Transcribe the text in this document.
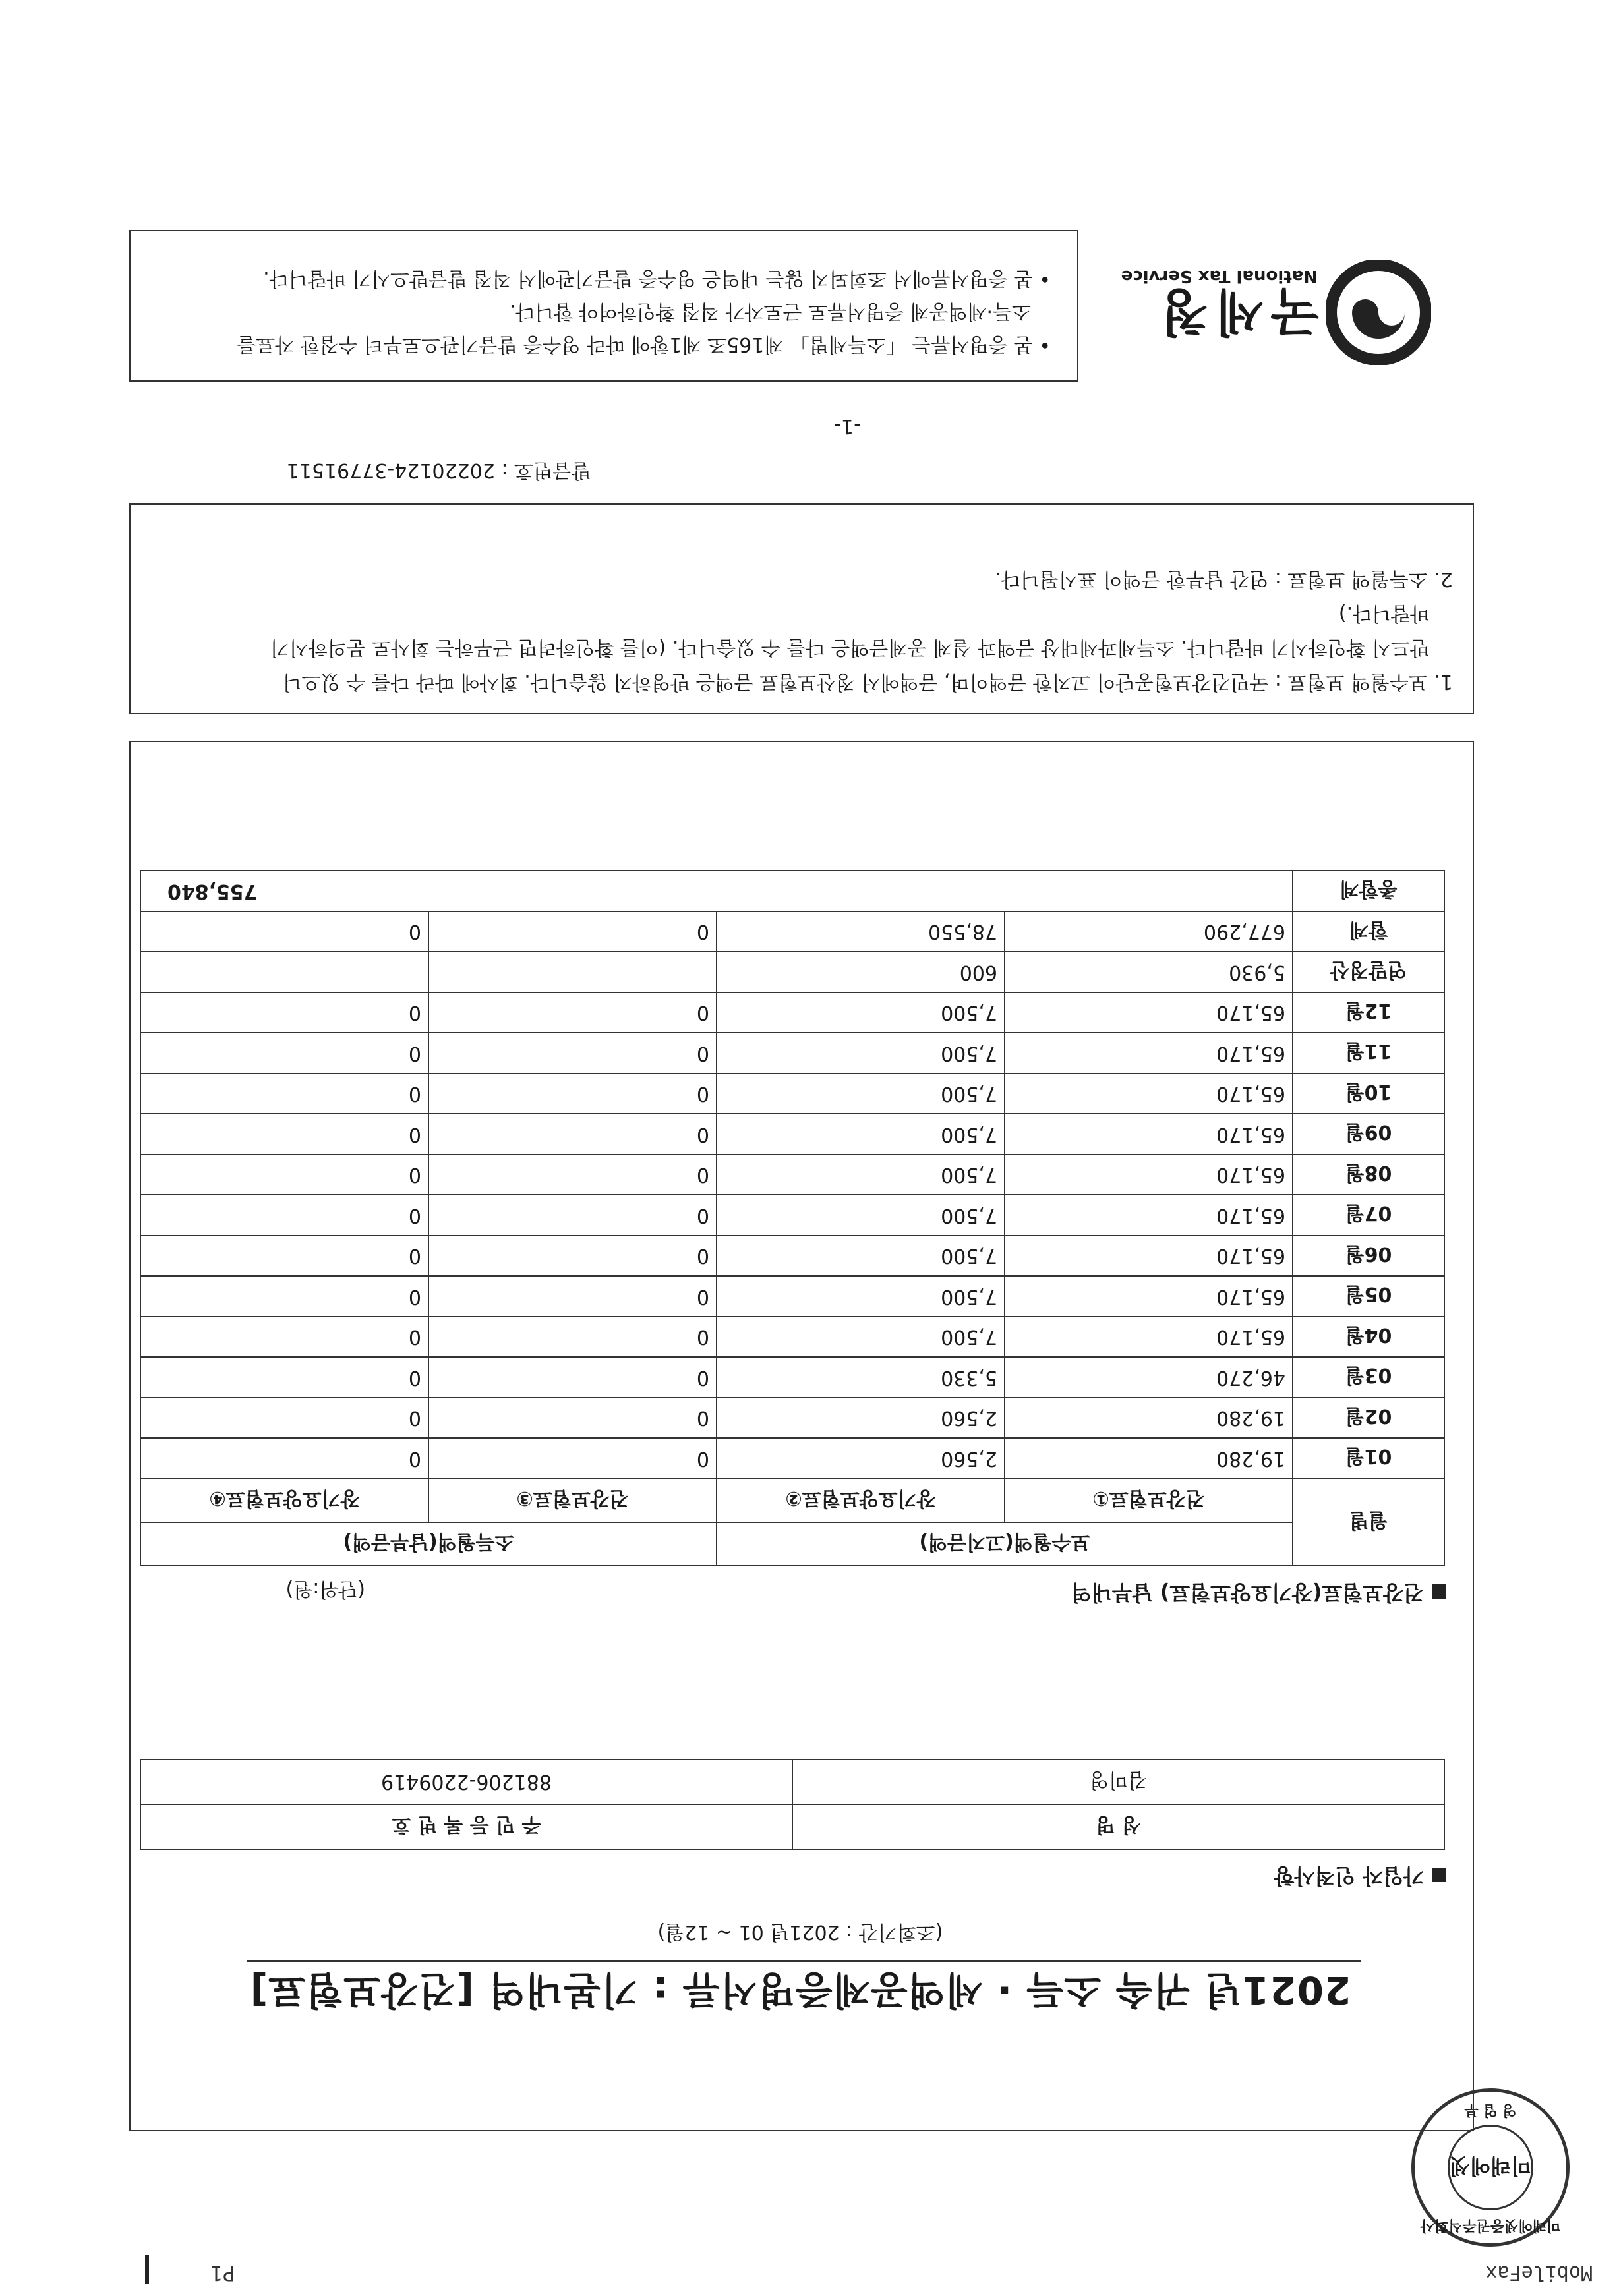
MobileFax
P1
미래에셋증권주식회사
미래에셋
영 업 부
2021년 귀속 소득 · 세액공제증명서류 : 기본내역 [건강보험료]
(조회기간 : 2021년 01 ~ 12월)
가입자 인적사항
성 명	주 민 등 록 번 호
김미영	881206-2209419
건강보험료(장기요양보험료) 납부내역
(단위:원)
월별	보수월액(고지금액)		소득월액(납부금액)	
	건강보험료①	장기요양보험료②	건강보험료③	장기요양보험료④
01월	19,280	2,560	0	0
02월	19,280	2,560	0	0
03월	46,270	5,330	0	0
04월	65,170	7,500	0	0
05월	65,170	7,500	0	0
06월	65,170	7,500	0	0
07월	65,170	7,500	0	0
08월	65,170	7,500	0	0
09월	65,170	7,500	0	0
10월	65,170	7,500	0	0
11월	65,170	7,500	0	0
12월	65,170	7,500	0	0
연말정산	5,930	600		
합계	677,290	78,550	0	0
총합계	755,840			

1. 보수월액 보험료 : 국민건강보험공단이 고지한 금액이며, 금액에서 정산보험료 금액은 반영하지 않습니다. 회사에 따라 다를 수 있으니

반드시 확인하시기 바랍니다. 소득세과세대상 금액과 실제 공제금액은 다를 수 있습니다. (이를 확인하려면 근무하는 회사로 문의하시기

바랍니다.)

2. 소득월액 보험료 : 연간 납부한 금액이 표시됩니다.

발급번호 : 20220124-37791511
-1-
국세청
National Tax Service

• 본 증명서류는 「소득세법」 제165조 제1항에 따라 영수증 발급기관으로부터 수집한 자료를

소득·세액공제 증명서류로 근로자가 직접 확인하여야 합니다.

• 본 증명서류에서 조회되지 않는 내역은 영수증 발급기관에서 직접 발급받으시기 바랍니다.
